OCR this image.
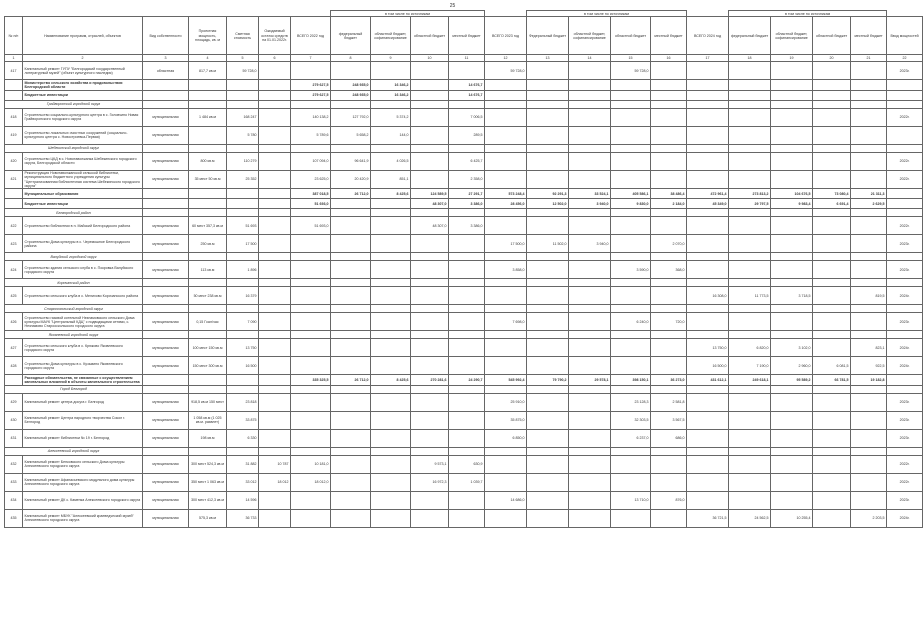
25
							в том числе по источникам					в том числе по источникам					в том числе по источникам				
№ п/п	Наименование программ, отраслей, объектов	Вид собственности	Проектная мощность, площадь, кв. м	Сметная стоимость	Ожидаемый остаток средств на 01.01.2022г.	ВСЕГО 2022 год	федеральный бюджет	областной бюджет, софинансирование	областной бюджет	местный бюджет	ВСЕГО 2023 год	Федеральный бюджет	областной бюджет, софинансирование	областной бюджет	местный бюджет	ВСЕГО 2024 год	федеральный бюджет	областной бюджет, софинансирование	областной бюджет	местный бюджет	Ввод мощностей
1	2	3	4	5	6	7	8	9	10	11	12	13	14	15	16	17	18	19	20	21	22
417	Капитальный ремонт ГУПУ "Белгородский государственный литературный музей" (объект культурного наследия)	областная	817,7 кв.м	59 728,0							59 728,0			59 728,0							2023г.
	Министерство сельского хозяйства и продовольствия Белгородской области					279 627,5	248 935,0	16 346,2		14 676,7											
	Бюджетные инвестиции					279 627,5	248 935,0	16 346,2		14 676,7											
Грайворонский городской округ																					
418	Строительство социально-культурного центра в с. Головчино Новая Грайворонского городского округа	муниципальная	1 484 кв.м	168 247		140 138,2	127 792,0	5 374,2		7 006,5											2022г.
419	Строительство локальных очистных сооружений (социально-культурного центра с. Новостроевка-Первая)	муниципальная		5 780		5 789,6	5 658,2	144,0		289,5											
Шебекинский городской округ																					
420	Строительство ЦКД в с. Новотаволжанка Шебекинского городского округа, Белгородской области	муниципальная	800 кв.м	110 279		107 094,0	96 641,9	4 026,5		6 425,7											2022г.
421	Реконструкция Новотаволжанской сельской библиотеки, муниципального бюджетного учреждения культуры "Централизованная библиотечная система Шебекинского городского округа"	муниципальная	35 мест 50 кв.м	25 352		23 625,0	20 420,9	851,1		2 358,0											2022г.
	Муниципальные образования					387 018,5	26 712,0	8 425,6	124 589,5	27 291,7	573 248,4	92 291,3	33 524,1	405 586,1	38 486,4	472 961,4	273 813,2	104 676,5	73 080,4	21 311,3	
	Бюджетные инвестиции					51 693,0			48 307,0	3 386,0	28 456,0	12 502,0	3 940,0	9 830,0	2 184,0	45 349,0	29 797,5	9 983,4	6 691,4	2 629,5	
Белгородский район																					
422	Строительство библиотеки в п. Майский Белгородского района	муниципальная	60 мест 357,3 кв.м	51 693		51 693,0			48 307,0	3 386,0											2022г.
423	Строительство Дома культуры в с. Черемошное Белгородского района	муниципальная	250 кв.м	17 500							17 500,0	11 502,0	3 940,0		2 070,0						2023г.
Валуйский городской округ																					
424	Строительство здания сельского клуба в с. Покровка Валуйского городского округа	муниципальная	113 кв.м	1 896							3 858,0			3 590,0	368,0						2023г.
Корочанский район																					
425	Строительство сельского клуба в с. Мелихово Корочанского района	муниципальная	50 мест 238 кв.м	16 379												16 308,0	11 773,5	3 718,5		819,5	2024г.
Старооскольский городской округ																					
426	Строительство газовой котельной Незнамовского сельского Дома культуры МАУК "Центральный КДЦ" с подводящими сетями, с. Незнамово Старооскольского городского округа	муниципальная	0,15 Гкал/час	7 090							7 698,0			6 240,0	720,0						2023г.
Яковлевский городской округ																					
427	Строительство сельского клуба в с. Крюково Яковлевского городского округа	муниципальная	100 мест 150 кв.м	13 750												13 750,0	6 820,0	3 102,0		823,1	2024г.
428	Строительство Дома культуры в с. Кузьмино Яковлевского городского округа	муниципальная	150 мест 300 кв.м	16 500												16 500,0	7 190,0	2 960,0	6 081,5	922,5	2024г.
	Расходные обязательства, не связанные с осуществлением капитальных вложений в объекты капитального строительства					335 325,5	26 712,0	8 425,6	270 281,6	24 290,7	545 992,4	79 790,2	29 578,1	398 150,1	36 273,0	431 612,1	249 618,1	95 589,2	66 781,5	19 182,8	
Город Белгород																					
429	Капитальный ремонт центра досуга г. Белгород	муниципальная	918,5 кв.м 150 мест	23 818							25 910,0			23 128,3	2 581,8						2023г.
430	Капитальный ремонт Центра народного творчества Сокол г. Белгород	муниципальная	1 058 кв.м (1 025 кв.м. развлет)	33 875							35 875,0			32 303,5	3 567,5						2023г.
431	Капитальный ремонт библиотеки № 19 г. Белгород	муниципальная	198 кв.м	6 330							6 850,0			6 237,0	686,0						2023г.
Алексеевский городской округ																					
432	Капитальный ремонт Бенковского сельского Дома культуры Алексеевского городского округа	муниципальная	300 мест 524,3 кв.м	31 882	10 787	10 181,0			9 573,1	630,9											2022г.
433	Капитальный ремонт Афанасьевского модульного дома культуры Алексеевского городского округа	муниципальная	350 мест 1 063 кв.м	33 012	18 012	18 012,0			16 972,3	1 039,7											2022г.
434	Капитальный ремонт ДК с. Каменка Алексеевского городского округа	муниципальная	300 мест 412,3 кв.м	14 596							14 686,0			13 710,0	876,0						2023г.
435	Капитальный ремонт МБУК "Алексеевский краеведческий музей" Алексеевского городского округа	муниципальная	575,3 кв.м	36 733												36 721,5	24 562,5	10 255,4		2 203,5	2024г.
